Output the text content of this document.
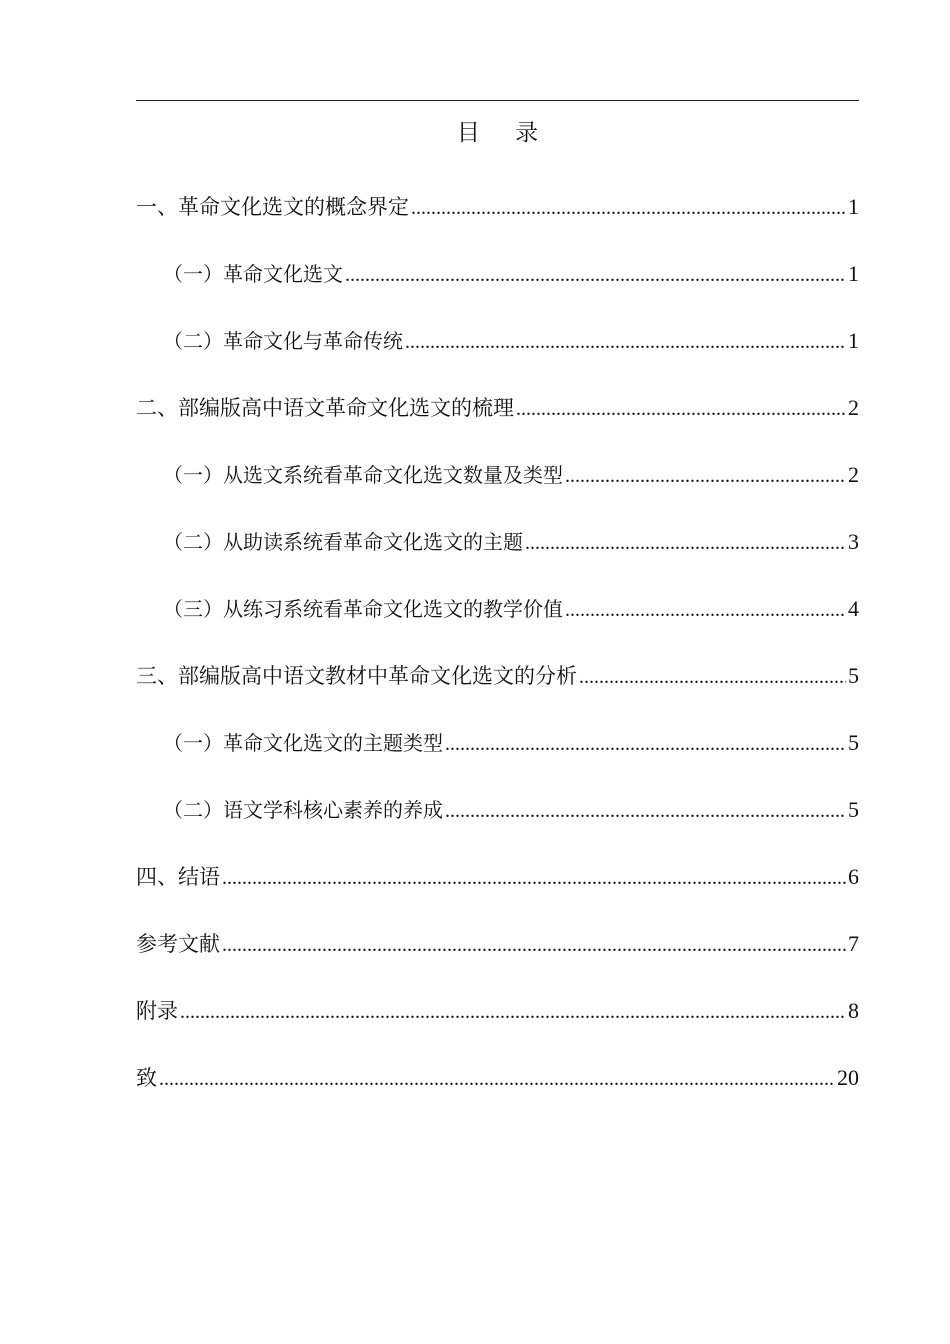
目 录
一、革命文化选文的概念界定 .....	1
（一）革命文化选文 .....	1
（二）革命文化与革命传统 .....	1
二、部编版高中语文革命文化选文的梳理 .....	2
（一）从选文系统看革命文化选文数量及类型 .....	2
（二）从助读系统看革命文化选文的主题 .....	3
（三）从练习系统看革命文化选文的教学价值 .....	4
三、部编版高中语文教材中革命文化选文的分析 .....	5
（一）革命文化选文的主题类型 .....	5
（二）语文学科核心素养的养成 .....	5
四、结语 .....	6
参考文献 .....	7
附录 .....	8
致 .....	20
